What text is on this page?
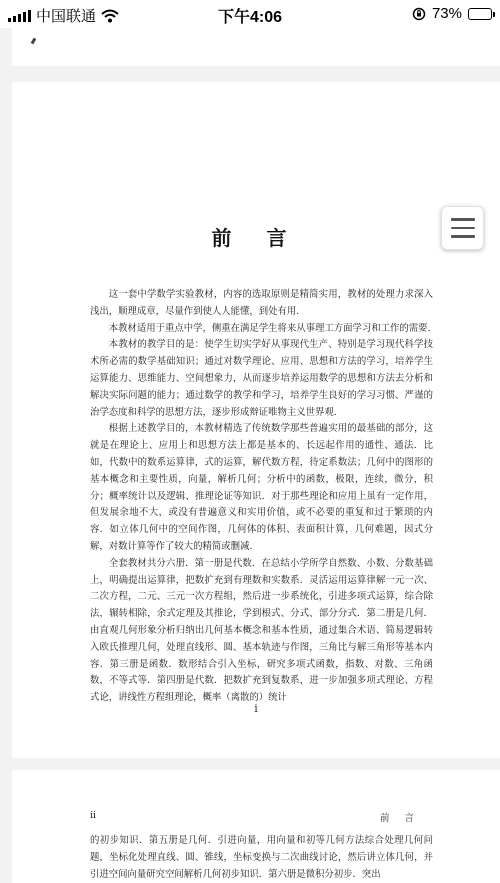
中国联通	下午4:06	73%
前 言

这一套中学数学实验教材，内容的选取原则是精简实用，教材的处理力求深入浅出，顺理成章，尽量作到使人人能懂，到处有用.

本教材适用于重点中学，侧重在满足学生将来从事理工方面学习和工作的需要.

本教材的教学目的是：使学生切实学好从事现代生产、特别是学习现代科学技术所必需的数学基础知识；通过对数学理论、应用、思想和方法的学习，培养学生运算能力、思维能力、空间想象力，从而逐步培养运用数学的思想和方法去分析和解决实际问题的能力；通过数学的教学和学习，培养学生良好的学习习惯、严谨的治学态度和科学的思想方法，逐步形成辩证唯物主义世界观.

根据上述教学目的，本教材精选了传统数学那些普遍实用的最基础的部分，这就是在理论上、应用上和思想方法上都是基本的、长远起作用的通性、通法．比如，代数中的数系运算律，式的运算，解代数方程，待定系数法；几何中的图形的基本概念和主要性质，向量，解析几何；分析中的函数，极限，连续，微分，积分；概率统计以及逻辑、推理论证等知识．对于那些理论和应用上虽有一定作用，但发展余地不大，或没有普遍意义和实用价值，或不必要的重复和过于繁琐的内容．如立体几何中的空间作图，几何体的体积、表面积计算，几何难题，因式分解，对数计算等作了较大的精简或删减.

全套教材共分六册．第一册是代数．在总结小学所学自然数、小数、分数基础上，明确提出运算律，把数扩充到有理数和实数系．灵活运用运算律解一元一次、二次方程，二元、三元一次方程组，然后进一步系统化，引进多项式运算，综合除法，辗转相除，余式定理及其推论，学到根式、分式、部分分式．第二册是几何．由直观几何形象分析归纳出几何基本概念和基本性质，通过集合术语、简易逻辑转入欧氏推理几何，处理直线形、圆、基本轨迹与作图，三角比与解三角形等基本内容．第三册是函数．数形结合引入坐标，研究多项式函数，指数、对数、三角函数，不等式等．第四册是代数．把数扩充到复数系，进一步加强多项式理论、方程式论，讲线性方程组理论，概率（离散的）统计

i
ii	前 言
的初步知识．第五册是几何．引进向量，用向量和初等几何方法综合处理几何问题，坐标化处理直线、圆、锥线，坐标变换与二次曲线讨论，然后讲立体几何，并引进空间向量研究空间解析几何初步知识．第六册是微积分初步．突出
